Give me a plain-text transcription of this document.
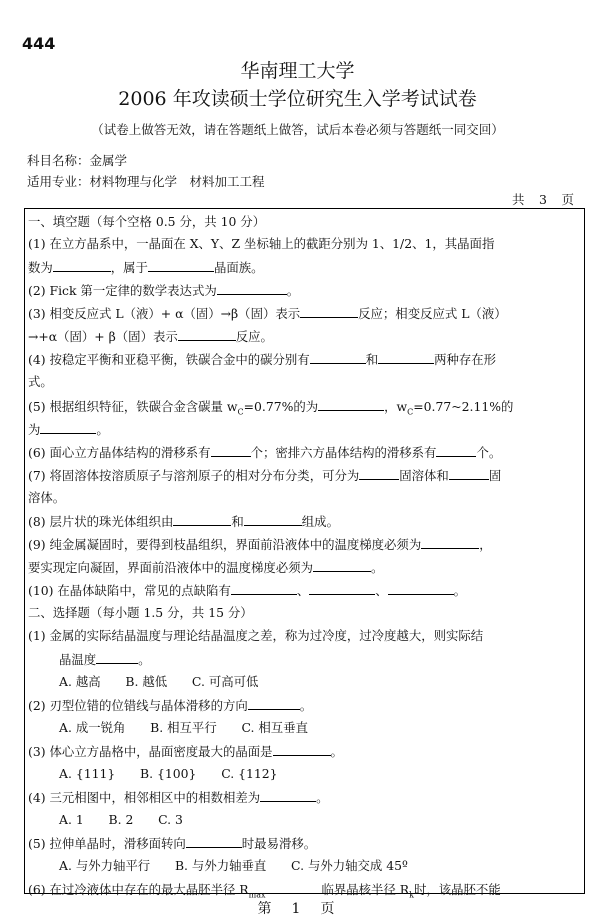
444
华南理工大学
2006 年攻读硕士学位研究生入学考试试卷
（试卷上做答无效，请在答题纸上做答，试后本卷必须与答题纸一同交回）
科目名称：金属学
适用专业：材料物理与化学　材料加工工程
共　3　页
一、填空题（每个空格 0.5 分，共 10 分）
(1) 在立方晶系中，一晶面在 X、Y、Z 坐标轴上的截距分别为 1、1/2、1，其晶面指
数为	，属于	晶面族。
(2) Fick 第一定律的数学表达式为	。
(3) 相变反应式 L（液）+ α（固）→β（固）表示	反应；相变反应式 L（液）
→+α（固）+ β（固）表示	反应。
(4) 按稳定平衡和亚稳平衡，铁碳合金中的碳分别有	和	两种存在形
式。
(5) 根据组织特征，铁碳合金含碳量 $w_C=0.77\%$的为	，$w_C=0.77\sim 2.11\%$的
为	。
(6) 面心立方晶体结构的滑移系有	个；密排六方晶体结构的滑移系有	个。
(7) 将固溶体按溶质原子与溶剂原子的相对分布分类，可分为	固溶体和	固
溶体。
(8) 层片状的珠光体组织由	和	组成。
(9) 纯金属凝固时，要得到枝晶组织，界面前沿液体中的温度梯度必须为	，
要实现定向凝固，界面前沿液体中的温度梯度必须为	。
(10) 在晶体缺陷中，常见的点缺陷有	、	、	。
二、选择题（每小题 1.5 分，共 15 分）
(1) 金属的实际结晶温度与理论结晶温度之差，称为过冷度，过冷度越大，则实际结
晶温度	。
A. 越高　　B. 越低　　C. 可高可低
(2) 刃型位错的位错线与晶体滑移的方向	。
A. 成一锐角　　B. 相互平行　　C. 相互垂直
(3) 体心立方晶格中，晶面密度最大的晶面是	。
A. {111}　　B. {100}　　C. {112}
(4) 三元相图中，相邻相区中的相数相差为	。
A. 1　　B. 2　　C. 3
(5) 拉伸单晶时，滑移面转向	时最易滑移。
A. 与外力轴平行　　B. 与外力轴垂直　　C. 与外力轴交成 45º
(6) 在过冷液体中存在的最大晶胚半径 $R_{max}$	临界晶核半径 $R_k$时，该晶胚不能
第　1　页
